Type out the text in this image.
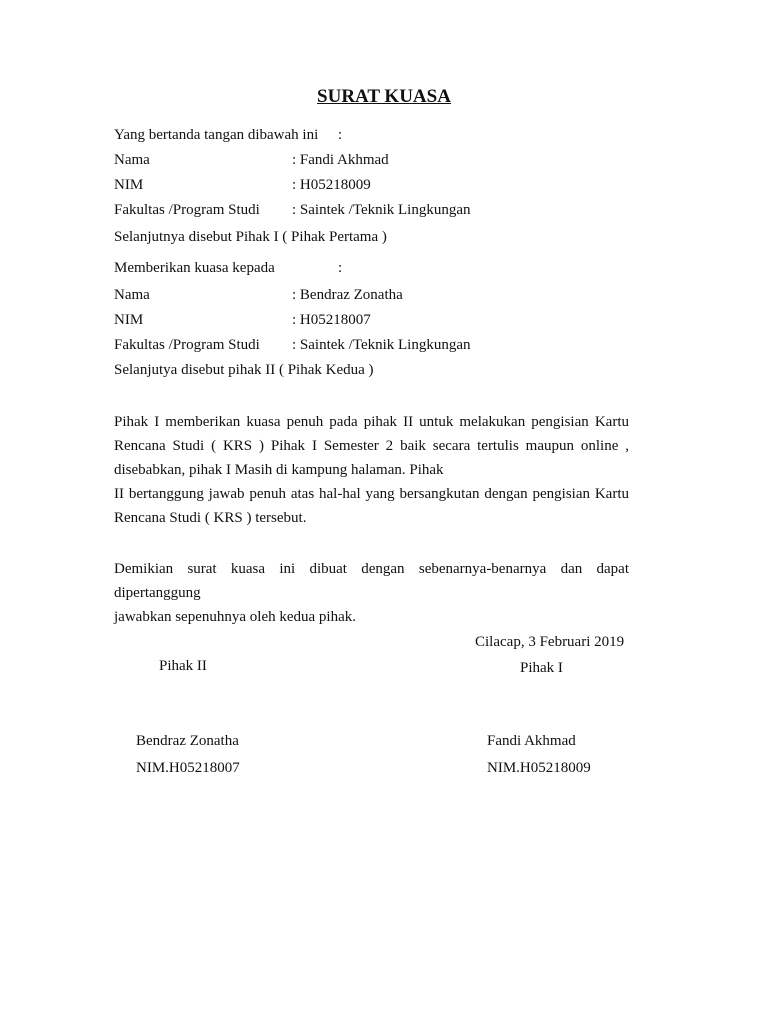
SURAT KUASA
Yang bertanda tangan dibawah ini :
Nama	: Fandi Akhmad
NIM	: H05218009
Fakultas /Program Studi : Saintek /Teknik Lingkungan
Selanjutnya disebut Pihak I ( Pihak Pertama )
Memberikan kuasa kepada	:
Nama	: Bendraz Zonatha
NIM	: H05218007
Fakultas /Program Studi : Saintek /Teknik Lingkungan
Selanjutya disebut pihak II ( Pihak Kedua )
Pihak I memberikan kuasa penuh pada pihak II untuk melakukan pengisian Kartu
Rencana Studi ( KRS ) Pihak I Semester 2 baik secara tertulis maupun online ,
disebabkan, pihak I Masih di kampung halaman. Pihak
II bertanggung jawab penuh atas hal-hal yang bersangkutan dengan pengisian Kartu
Rencana Studi ( KRS ) tersebut.
Demikian surat kuasa ini dibuat dengan sebenarnya-benarnya dan dapat dipertanggung
jawabkan sepenuhnya oleh kedua pihak.
Cilacap, 3 Februari 2019
Pihak II	Pihak I
Bendraz Zonatha	Fandi Akhmad
NIM.H05218007	NIM.H05218009
